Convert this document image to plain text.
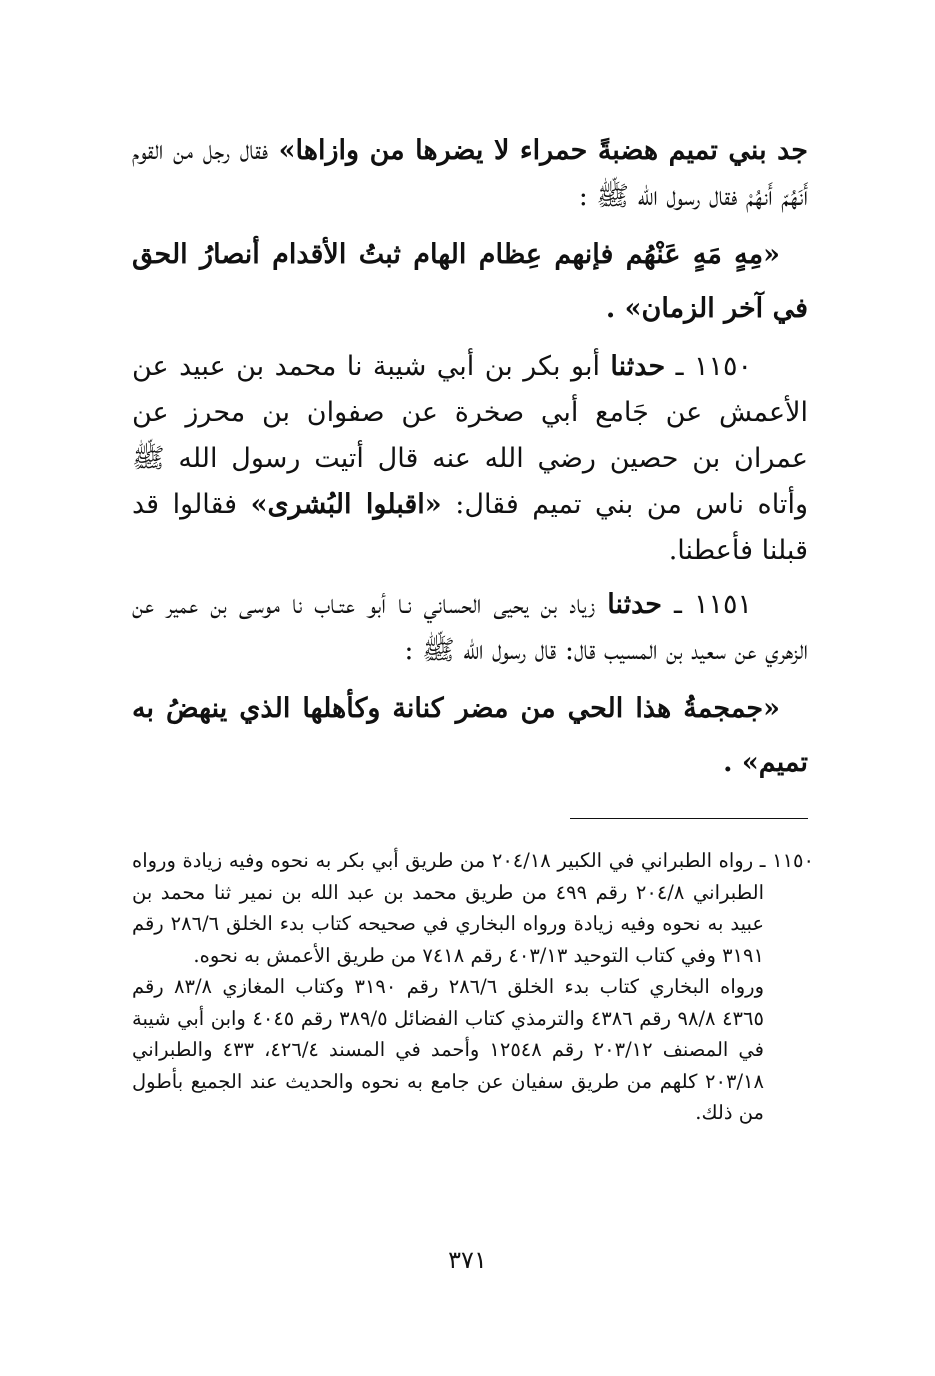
جد بني تميم هضبةً حمراء لا يضرها من وازاها» فقال رجل من القوم أَنَهُمّ أَنهُمْ فقال رسول الله ﷺ :

«مِهٍ مَهٍ عَنْهُم فإنهم عِظام الهام ثبتُ الأقدام أنصارُ الحق في آخر الزمان» .

١١٥٠ ـ حدثنا أبو بكر بن أبي شيبة نا محمد بن عبيد عن الأعمش عن جَامع أبي صخرة عن صفوان بن محرز عن عمران بن حصين رضي الله عنه قال أتيت رسول الله ﷺ وأتاه ناس من بني تميم فقال: «اقبلوا البُشرى» فقالوا قد قبلنا فأعطنا.

١١٥١ ـ حدثنا زياد بن يحيى الحساني نـا أبو عتـاب نا موسى بن عمير عن الزهري عن سعيد بن المسيب قال: قال رسول الله ﷺ :

«جمجمةُ هذا الحي من مضر كنانة وكأهلها الذي ينهضُ به تميم» .

١١٥٠ ـ رواه الطبراني في الكبير ٢٠٤/١٨ من طريق أبي بكر به نحوه وفيه زيادة ورواه الطبراني ٢٠٤/٨ رقم ٤٩٩ من طريق محمد بن عبد الله بن نمير ثنا محمد بن عبيد به نحوه وفيه زيادة ورواه البخاري في صحيحه كتاب بدء الخلق ٢٨٦/٦ رقم ٣١٩١ وفي كتاب التوحيد ٤٠٣/١٣ رقم ٧٤١٨ من طريق الأعمش به نحوه.

ورواه البخاري كتاب بدء الخلق ٢٨٦/٦ رقم ٣١٩٠ وكتاب المغازي ٨٣/٨ رقم ٤٣٦٥ ٩٨/٨ رقم ٤٣٨٦ والترمذي كتاب الفضائل ٣٨٩/٥ رقم ٤٠٤٥ وابن أبي شيبة في المصنف ٢٠٣/١٢ رقم ١٢٥٤٨ وأحمد في المسند ٤٢٦/٤، ٤٣٣ والطبراني ٢٠٣/١٨ كلهم من طريق سفيان عن جامع به نحوه والحديث عند الجميع بأطول من ذلك.

٣٧١
